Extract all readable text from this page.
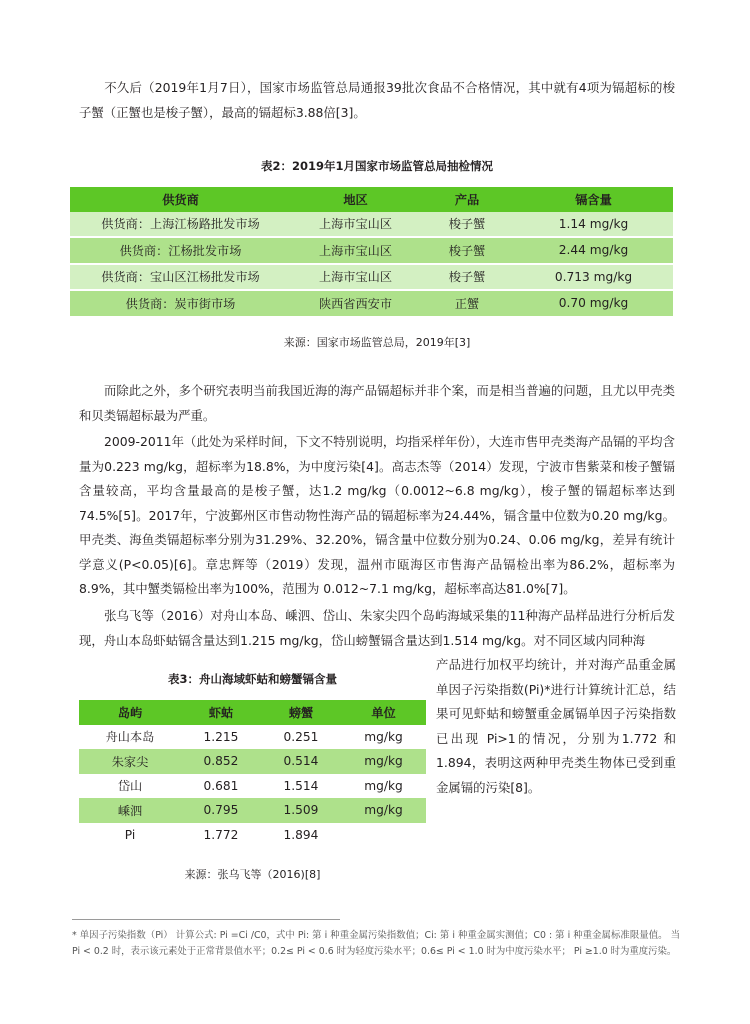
不久后（2019年1月7日），国家市场监管总局通报39批次食品不合格情况，其中就有4项为镉超标的梭子蟹（正蟹也是梭子蟹），最高的镉超标3.88倍[3]。
表2：2019年1月国家市场监管总局抽检情况
供货商	地区	产品	镉含量
供货商：上海江杨路批发市场	上海市宝山区	梭子蟹	1.14 mg/kg
供货商：江杨批发市场	上海市宝山区	梭子蟹	2.44 mg/kg
供货商：宝山区江杨批发市场	上海市宝山区	梭子蟹	0.713 mg/kg
供货商：炭市街市场	陕西省西安市	正蟹	0.70 mg/kg
来源：国家市场监管总局，2019年[3]
而除此之外，多个研究表明当前我国近海的海产品镉超标并非个案，而是相当普遍的问题，且尤以甲壳类和贝类镉超标最为严重。
2009-2011年（此处为采样时间，下文不特别说明，均指采样年份），大连市售甲壳类海产品镉的平均含量为0.223 mg/kg，超标率为18.8%，为中度污染[4]。高志杰等（2014）发现，宁波市售紫菜和梭子蟹镉含量较高，平均含量最高的是梭子蟹，达1.2 mg/kg（0.0012~6.8 mg/kg），梭子蟹的镉超标率达到74.5%[5]。2017年，宁波鄞州区市售动物性海产品的镉超标率为24.44%，镉含量中位数为0.20 mg/kg。甲壳类、海鱼类镉超标率分别为31.29%、32.20%，镉含量中位数分别为0.24、0.06 mg/kg，差异有统计学意义(P<0.05)[6]。章忠辉等（2019）发现，温州市瓯海区市售海产品镉检出率为86.2%，超标率为8.9%，其中蟹类镉检出率为100%，范围为 0.012~7.1 mg/kg，超标率高达81.0%[7]。
张乌飞等（2016）对舟山本岛、嵊泗、岱山、朱家尖四个岛屿海域采集的11种海产品样品进行分析后发现，舟山本岛虾蛄镉含量达到1.215 mg/kg，岱山螃蟹镉含量达到1.514 mg/kg。对不同区域内同种海
产品进行加权平均统计，并对海产品重金属单因子污染指数(Pi)*进行计算统计汇总，结果可见虾蛄和螃蟹重金属镉单因子污染指数已出现 Pi>1的情况，分别为1.772 和1.894，表明这两种甲壳类生物体已受到重金属镉的污染[8]。
表3：舟山海域虾蛄和螃蟹镉含量
岛屿	虾蛄	螃蟹	单位
舟山本岛	1.215	0.251	mg/kg
朱家尖	0.852	0.514	mg/kg
岱山	0.681	1.514	mg/kg
嵊泗	0.795	1.509	mg/kg
Pi	1.772	1.894	
来源：张乌飞等（2016)[8]
* 单因子污染指数（Pi） 计算公式: Pi =Ci /C0，式中 Pi: 第 i 种重金属污染指数值；Ci: 第 i 种重金属实测值；C0 : 第 i 种重金属标准限量值。 当 Pi < 0.2 时，表示该元素处于正常背景值水平；0.2≤ Pi < 0.6 时为轻度污染水平；0.6≤ Pi < 1.0 时为中度污染水平； Pi ≥1.0 时为重度污染。
